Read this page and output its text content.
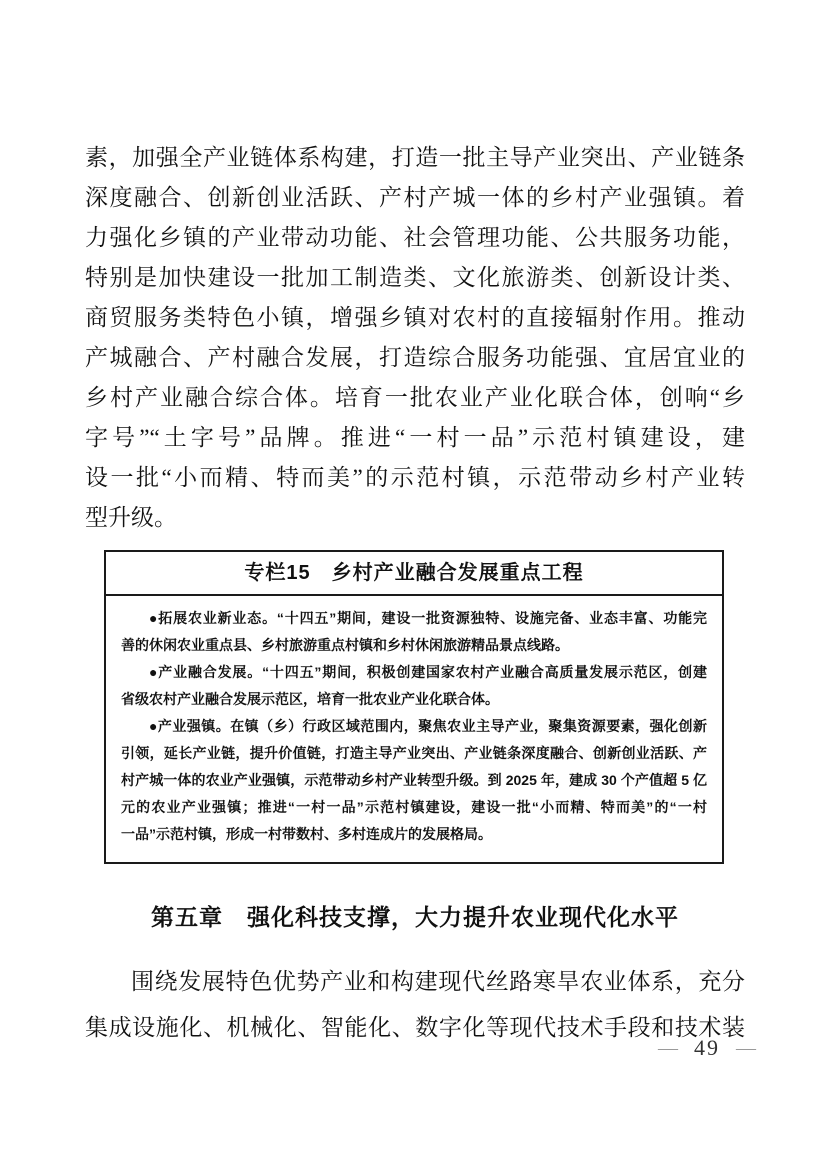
素，加强全产业链体系构建，打造一批主导产业突出、产业链条
深度融合、创新创业活跃、产村产城一体的乡村产业强镇。着
力强化乡镇的产业带动功能、社会管理功能、公共服务功能，
特别是加快建设一批加工制造类、文化旅游类、创新设计类、
商贸服务类特色小镇，增强乡镇对农村的直接辐射作用。推动
产城融合、产村融合发展，打造综合服务功能强、宜居宜业的
乡村产业融合综合体。培育一批农业产业化联合体，创响“乡
字号”“土字号”品牌。推进“一村一品”示范村镇建设，建
设一批“小而精、特而美”的示范村镇，示范带动乡村产业转
型升级。
专栏15　乡村产业融合发展重点工程
●拓展农业新业态。“十四五”期间，建设一批资源独特、设施完备、业态丰富、功能完
善的休闲农业重点县、乡村旅游重点村镇和乡村休闲旅游精品景点线路。
●产业融合发展。“十四五”期间，积极创建国家农村产业融合高质量发展示范区，创建
省级农村产业融合发展示范区，培育一批农业产业化联合体。
●产业强镇。在镇（乡）行政区域范围内，聚焦农业主导产业，聚集资源要素，强化创新
引领，延长产业链，提升价值链，打造主导产业突出、产业链条深度融合、创新创业活跃、产
村产城一体的农业产业强镇，示范带动乡村产业转型升级。到 2025 年，建成 30 个产值超 5 亿
元的农业产业强镇；推进“一村一品”示范村镇建设，建设一批“小而精、特而美”的“一村
一品”示范村镇，形成一村带数村、多村连成片的发展格局。
第五章　强化科技支撑，大力提升农业现代化水平
围绕发展特色优势产业和构建现代丝路寒旱农业体系，充分
集成设施化、机械化、智能化、数字化等现代技术手段和技术装
— 49 —
